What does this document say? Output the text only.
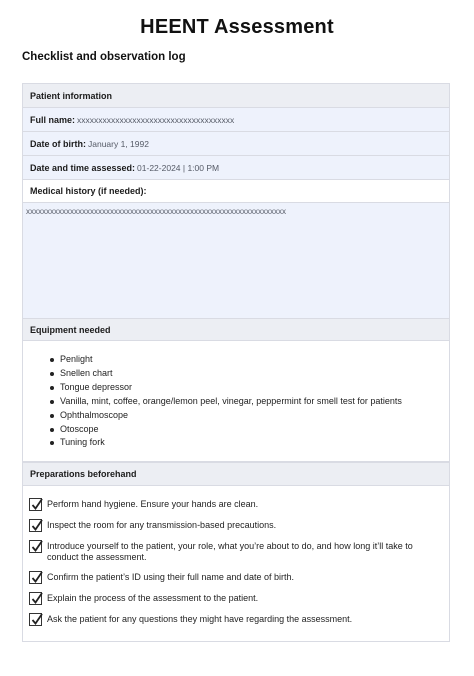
HEENT Assessment
Checklist and observation log
Patient information
Full name: xxxxxxxxxxxxxxxxxxxxxxxxxxxxxxxxxxxxx
Date of birth: January 1, 1992
Date and time assessed: 01-22-2024 | 1:00 PM
Medical history (if needed):
xxxxxxxxxxxxxxxxxxxxxxxxxxxxxxxxxxxxxxxxxxxxxxxxxxxxxxxxxxxxxxxxx
Equipment needed
Penlight
Snellen chart
Tongue depressor
Vanilla, mint, coffee, orange/lemon peel, vinegar, peppermint for smell test for patients
Ophthalmoscope
Otoscope
Tuning fork
Preparations beforehand
Perform hand hygiene. Ensure your hands are clean.
Inspect the room for any transmission-based precautions.
Introduce yourself to the patient, your role, what you’re about to do, and how long it’ll take to conduct the assessment.
Confirm the patient’s ID using their full name and date of birth.
Explain the process of the assessment to the patient.
Ask the patient for any questions they might have regarding the assessment.
